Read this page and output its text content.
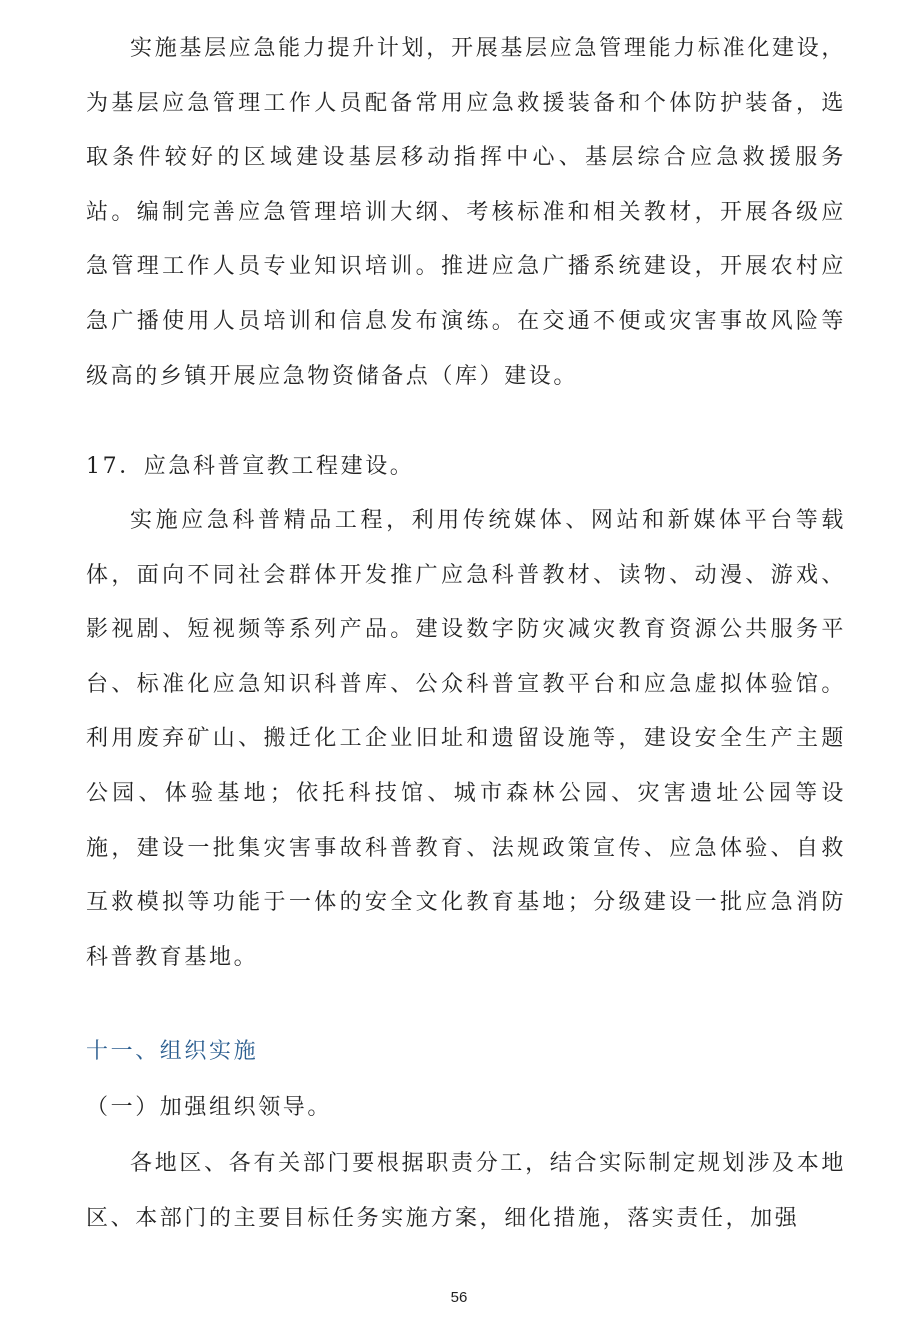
实施基层应急能力提升计划，开展基层应急管理能力标准化建设，为基层应急管理工作人员配备常用应急救援装备和个体防护装备，选取条件较好的区域建设基层移动指挥中心、基层综合应急救援服务站。编制完善应急管理培训大纲、考核标准和相关教材，开展各级应急管理工作人员专业知识培训。推进应急广播系统建设，开展农村应急广播使用人员培训和信息发布演练。在交通不便或灾害事故风险等级高的乡镇开展应急物资储备点（库）建设。

17．应急科普宣教工程建设。

实施应急科普精品工程，利用传统媒体、网站和新媒体平台等载体，面向不同社会群体开发推广应急科普教材、读物、动漫、游戏、影视剧、短视频等系列产品。建设数字防灾减灾教育资源公共服务平台、标准化应急知识科普库、公众科普宣教平台和应急虚拟体验馆。利用废弃矿山、搬迁化工企业旧址和遗留设施等，建设安全生产主题公园、体验基地；依托科技馆、城市森林公园、灾害遗址公园等设施，建设一批集灾害事故科普教育、法规政策宣传、应急体验、自救互救模拟等功能于一体的安全文化教育基地；分级建设一批应急消防科普教育基地。

十一、组织实施

（一）加强组织领导。

各地区、各有关部门要根据职责分工，结合实际制定规划涉及本地区、本部门的主要目标任务实施方案，细化措施，落实责任，加强

56
